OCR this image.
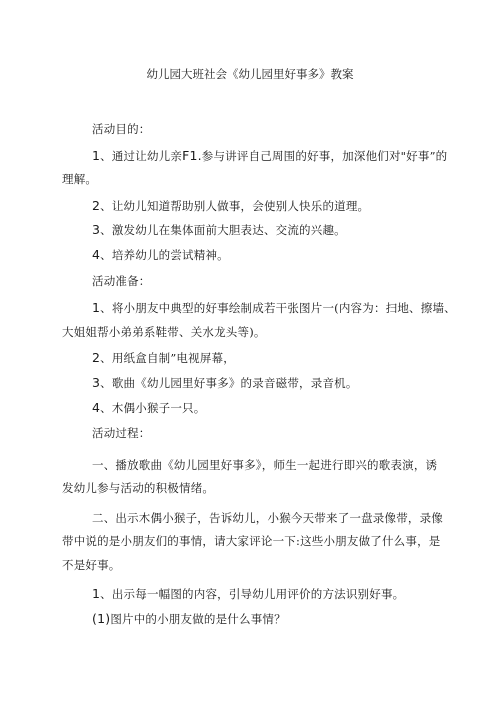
幼儿园大班社会《幼儿园里好事多》教案
活动目的：
1、通过让幼儿亲F1.参与讲评自己周围的好事，加深他们对"好事”的
理解。
2、让幼儿知道帮助别人做事，会使别人快乐的道理。
3、激发幼儿在集体面前大胆表达、交流的兴趣。
4、培养幼儿的尝试精神。
活动准备：
1、将小朋友中典型的好事绘制成若干张图片一(内容为：扫地、擦墙、
大姐姐帮小弟弟系鞋带、关水龙头等)。
2、用纸盒自制”电视屏幕，
3、歌曲《幼儿园里好事多》的录音磁带，录音机。
4、木偶小猴子一只。
活动过程：
一、播放歌曲《幼儿园里好事多》，师生一起进行即兴的歌表演，诱
发幼儿参与活动的积极情绪。
二、出示木偶小猴子，告诉幼儿，小猴今天带来了一盘录像带，录像
带中说的是小朋友们的事情，请大家评论一下:这些小朋友做了什么事，是
不是好事。
1、出示每一幅图的内容，引导幼儿用评价的方法识别好事。
(1)图片中的小朋友做的是什么事情？
